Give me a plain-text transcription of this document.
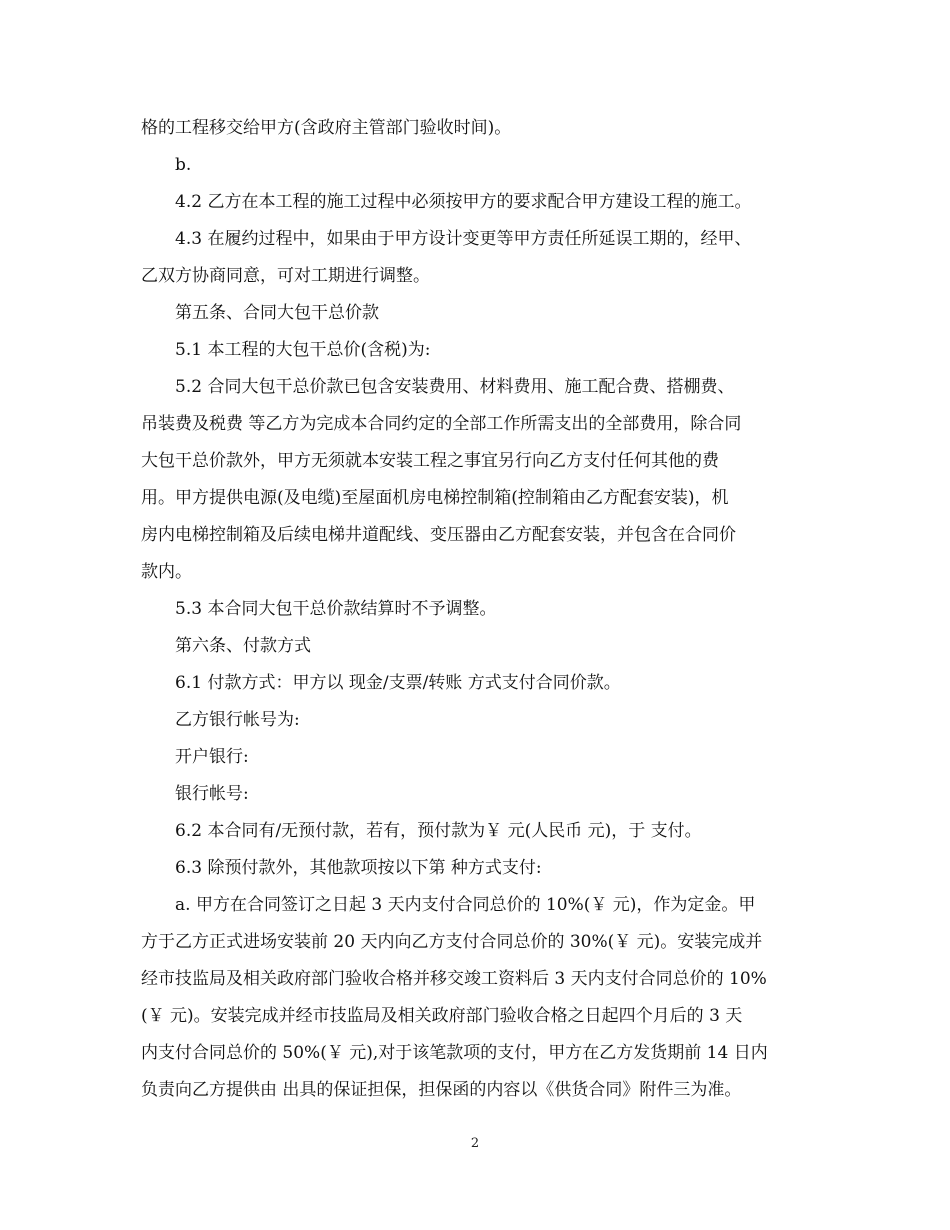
格的工程移交给甲方(含政府主管部门验收时间)。
b.
4.2 乙方在本工程的施工过程中必须按甲方的要求配合甲方建设工程的施工。
4.3 在履约过程中，如果由于甲方设计变更等甲方责任所延误工期的，经甲、
乙双方协商同意，可对工期进行调整。
第五条、合同大包干总价款
5.1 本工程的大包干总价(含税)为:
5.2 合同大包干总价款已包含安装费用、材料费用、施工配合费、搭棚费、
吊装费及税费 等乙方为完成本合同约定的全部工作所需支出的全部费用，除合同
大包干总价款外，甲方无须就本安装工程之事宜另行向乙方支付任何其他的费
用。甲方提供电源(及电缆)至屋面机房电梯控制箱(控制箱由乙方配套安装)，机
房内电梯控制箱及后续电梯井道配线、变压器由乙方配套安装，并包含在合同价
款内。
5.3 本合同大包干总价款结算时不予调整。
第六条、付款方式
6.1 付款方式：甲方以 现金/支票/转账 方式支付合同价款。
乙方银行帐号为:
开户银行:
银行帐号:
6.2 本合同有/无预付款，若有，预付款为￥ 元(人民币 元)，于 支付。
6.3 除预付款外，其他款项按以下第 种方式支付:
a. 甲方在合同签订之日起 3 天内支付合同总价的 10%(￥ 元)，作为定金。甲
方于乙方正式进场安装前 20 天内向乙方支付合同总价的 30%(￥ 元)。安装完成并
经市技监局及相关政府部门验收合格并移交竣工资料后 3 天内支付合同总价的 10%
(￥ 元)。安装完成并经市技监局及相关政府部门验收合格之日起四个月后的 3 天
内支付合同总价的 50%(￥ 元),对于该笔款项的支付，甲方在乙方发货期前 14 日内
负责向乙方提供由 出具的保证担保，担保函的内容以《供货合同》附件三为准。
2
